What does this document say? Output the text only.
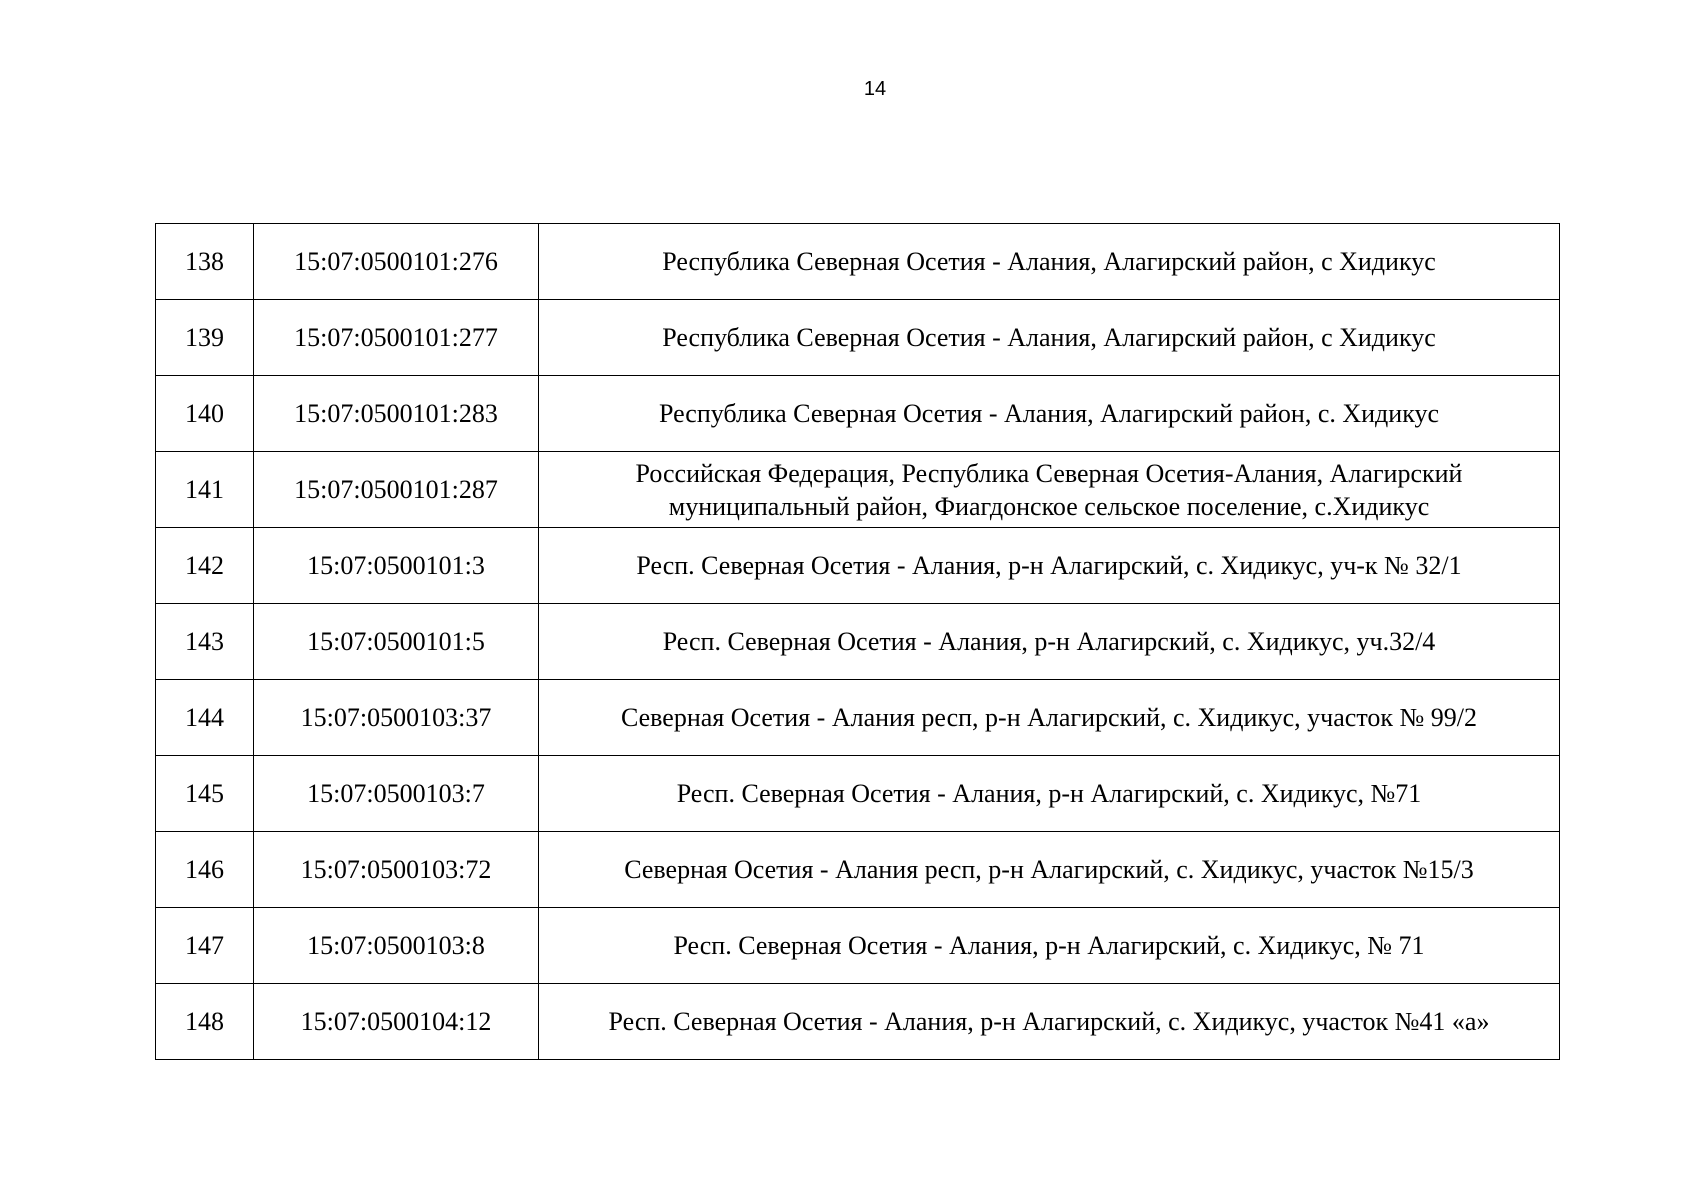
14
138	15:07:0500101:276	Республика Северная Осетия - Алания, Алагирский район, с Хидикус
139	15:07:0500101:277	Республика Северная Осетия - Алания, Алагирский район, с Хидикус
140	15:07:0500101:283	Республика Северная Осетия - Алания, Алагирский район, с. Хидикус
141	15:07:0500101:287	Российская Федерация, Республика Северная Осетия-Алания, Алагирский муниципальный район, Фиагдонское сельское поселение, с.Хидикус
142	15:07:0500101:3	Респ. Северная Осетия - Алания, р-н Алагирский, с. Хидикус, уч-к № 32/1
143	15:07:0500101:5	Респ. Северная Осетия - Алания, р-н Алагирский, с. Хидикус, уч.32/4
144	15:07:0500103:37	Северная Осетия - Алания респ, р-н Алагирский, с. Хидикус, участок № 99/2
145	15:07:0500103:7	Респ. Северная Осетия - Алания, р-н Алагирский, с. Хидикус, №71
146	15:07:0500103:72	Северная Осетия - Алания респ, р-н Алагирский, с. Хидикус, участок №15/3
147	15:07:0500103:8	Респ. Северная Осетия - Алания, р-н Алагирский, с. Хидикус, № 71
148	15:07:0500104:12	Респ. Северная Осетия - Алания, р-н Алагирский, с. Хидикус, участок №41 «а»
